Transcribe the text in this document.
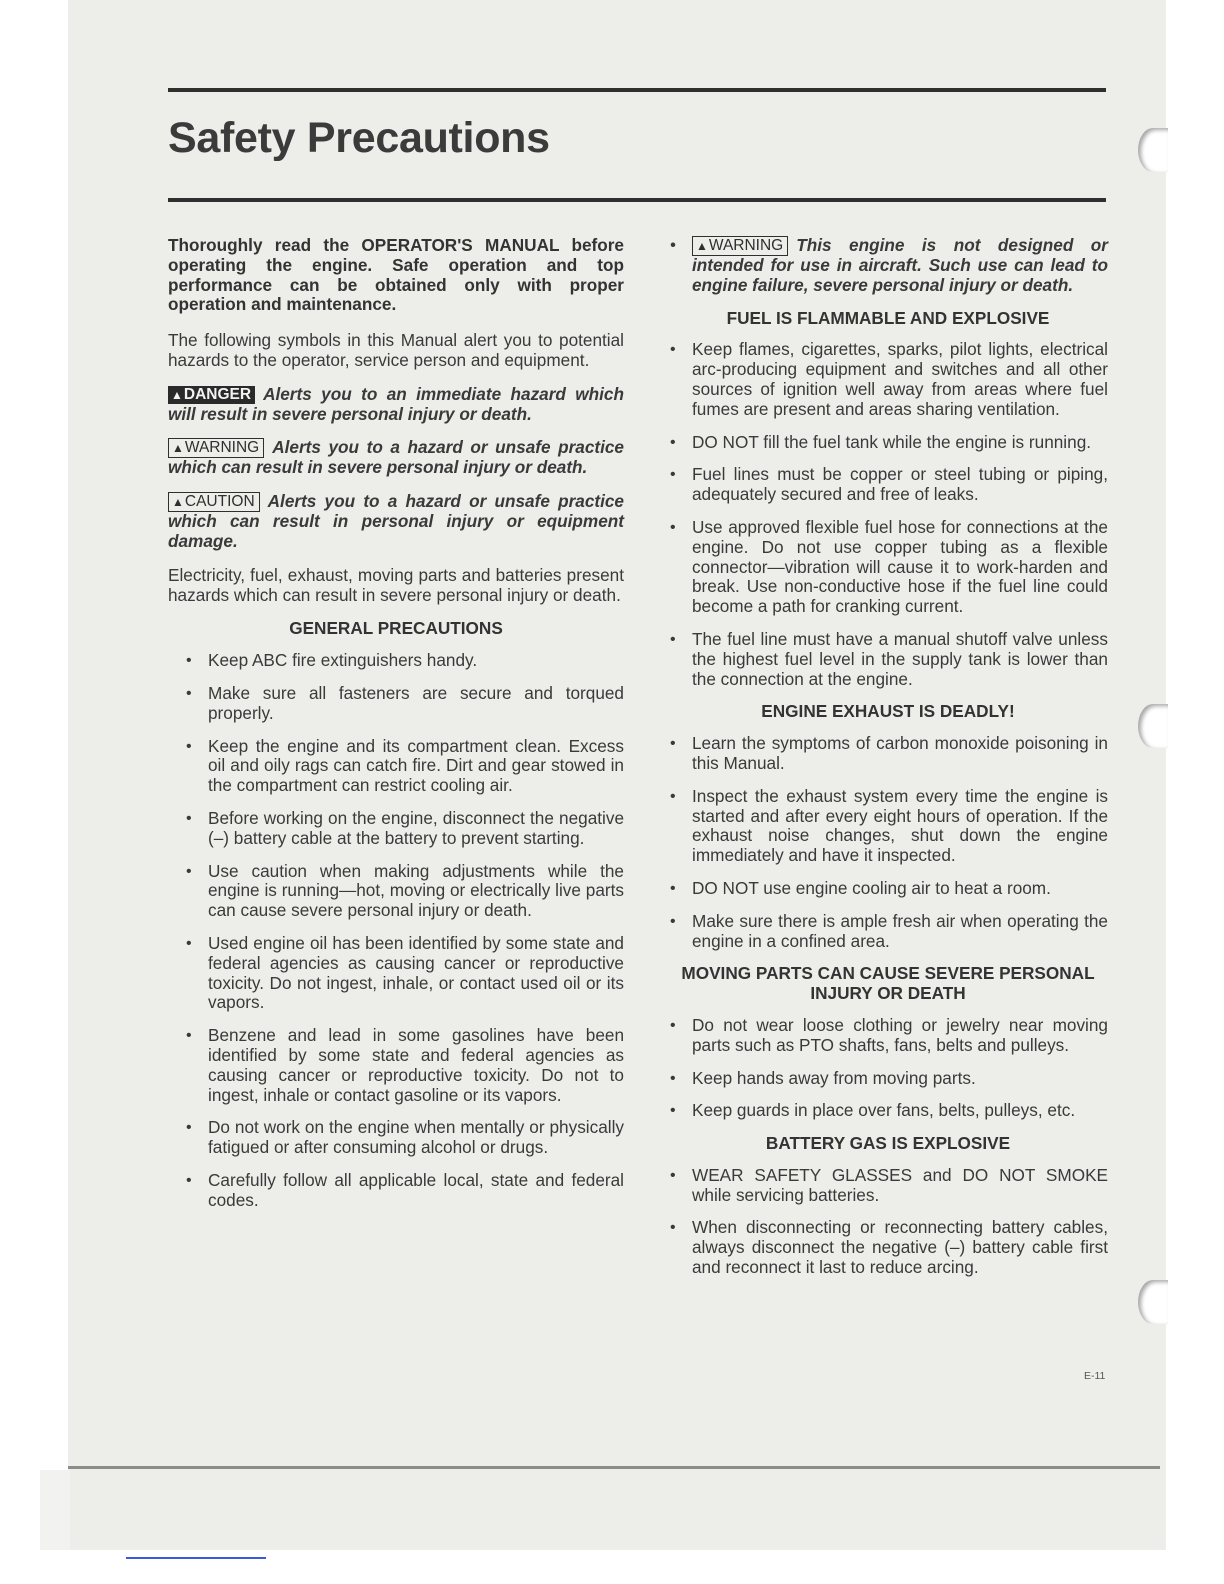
Safety Precautions

Thoroughly read the OPERATOR'S MANUAL before operating the engine. Safe operation and top performance can be obtained only with proper operation and maintenance.

The following symbols in this Manual alert you to potential hazards to the operator, service person and equipment.

▲DANGER Alerts you to an immediate hazard which will result in severe personal injury or death.

▲WARNING Alerts you to a hazard or unsafe practice which can result in severe personal injury or death.

▲CAUTION Alerts you to a hazard or unsafe practice which can result in personal injury or equipment damage.

Electricity, fuel, exhaust, moving parts and batteries present hazards which can result in severe personal injury or death.

GENERAL PRECAUTIONS

• Keep ABC fire extinguishers handy.
• Make sure all fasteners are secure and torqued properly.
• Keep the engine and its compartment clean. Excess oil and oily rags can catch fire. Dirt and gear stowed in the compartment can restrict cooling air.
• Before working on the engine, disconnect the negative (–) battery cable at the battery to prevent starting.
• Use caution when making adjustments while the engine is running—hot, moving or electrically live parts can cause severe personal injury or death.
• Used engine oil has been identified by some state and federal agencies as causing cancer or reproductive toxicity. Do not ingest, inhale, or contact used oil or its vapors.
• Benzene and lead in some gasolines have been identified by some state and federal agencies as causing cancer or reproductive toxicity. Do not to ingest, inhale or contact gasoline or its vapors.
• Do not work on the engine when mentally or physically fatigued or after consuming alcohol or drugs.
• Carefully follow all applicable local, state and federal codes.
• ▲WARNING This engine is not designed or intended for use in aircraft. Such use can lead to engine failure, severe personal injury or death.

FUEL IS FLAMMABLE AND EXPLOSIVE

• Keep flames, cigarettes, sparks, pilot lights, electrical arc-producing equipment and switches and all other sources of ignition well away from areas where fuel fumes are present and areas sharing ventilation.
• DO NOT fill the fuel tank while the engine is running.
• Fuel lines must be copper or steel tubing or piping, adequately secured and free of leaks.
• Use approved flexible fuel hose for connections at the engine. Do not use copper tubing as a flexible connector—vibration will cause it to work-harden and break. Use non-conductive hose if the fuel line could become a path for cranking current.
• The fuel line must have a manual shutoff valve unless the highest fuel level in the supply tank is lower than the connection at the engine.

ENGINE EXHAUST IS DEADLY!

• Learn the symptoms of carbon monoxide poisoning in this Manual.
• Inspect the exhaust system every time the engine is started and after every eight hours of operation. If the exhaust noise changes, shut down the engine immediately and have it inspected.
• DO NOT use engine cooling air to heat a room.
• Make sure there is ample fresh air when operating the engine in a confined area.

MOVING PARTS CAN CAUSE SEVERE PERSONAL INJURY OR DEATH

• Do not wear loose clothing or jewelry near moving parts such as PTO shafts, fans, belts and pulleys.
• Keep hands away from moving parts.
• Keep guards in place over fans, belts, pulleys, etc.

BATTERY GAS IS EXPLOSIVE

• WEAR SAFETY GLASSES and DO NOT SMOKE while servicing batteries.
• When disconnecting or reconnecting battery cables, always disconnect the negative (–) battery cable first and reconnect it last to reduce arcing.
E-11
